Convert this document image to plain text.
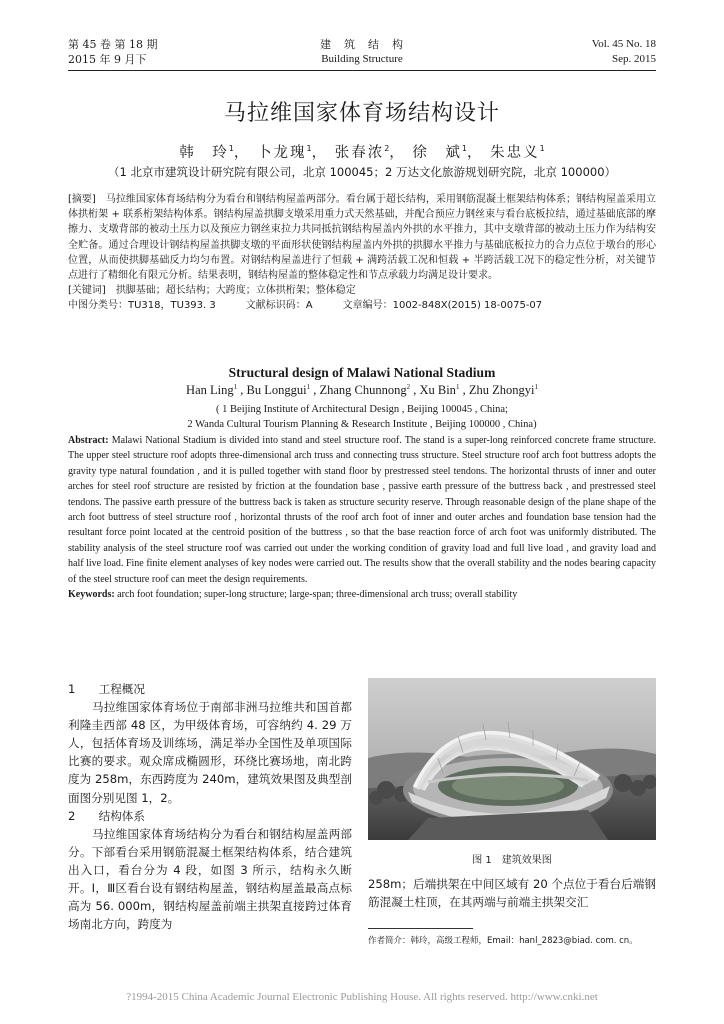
第 45 卷 第 18 期
2015 年 9 月下
建　筑　结　构
Building Structure
Vol. 45 No. 18
Sep. 2015
马拉维国家体育场结构设计
韩　玲$^1$， 卜龙瑰$^1$， 张春浓$^2$， 徐　斌$^1$， 朱忠义$^1$
（1 北京市建筑设计研究院有限公司，北京 100045；2 万达文化旅游规划研究院，北京 100000）

[摘要]　 马拉维国家体育场结构分为看台和钢结构屋盖两部分。看台属于超长结构，采用钢筋混凝土框架结构体系；钢结构屋盖采用立体拱桁架 + 联系桁架结构体系。钢结构屋盖拱脚支墩采用重力式天然基础，并配合预应力钢丝束与看台底板拉结，通过基础底部的摩擦力、支墩背部的被动土压力以及预应力钢丝束拉力共同抵抗钢结构屋盖内外拱的水平推力，其中支墩背部的被动土压力作为结构安全贮备。通过合理设计钢结构屋盖拱脚支墩的平面形状使钢结构屋盖内外拱的拱脚水平推力与基础底板拉力的合力点位于墩台的形心位置，从而使拱脚基础反力均匀布置。对钢结构屋盖进行了恒载 + 满跨活载工况和恒载 + 半跨活载工况下的稳定性分析，对关键节点进行了精细化有限元分析。结果表明，钢结构屋盖的整体稳定性和节点承载力均满足设计要求。

[关键词]　 拱脚基础；超长结构；大跨度；立体拱桁架；整体稳定

中图分类号：TU318，TU393. 3　　　	文献标识码：A　　　	文章编号：1002-848X(2015) 18-0075-07

Structural design of Malawi National Stadium
Han Ling$^1$ , Bu Longgui$^1$ , Zhang Chunnong$^2$ , Xu Bin$^1$ , Zhu Zhongyi$^1$
( 1 Beijing Institute of Architectural Design , Beijing 100045 , China;
2 Wanda Cultural Tourism Planning & Research Institute , Beijing 100000 , China)

Abstract: Malawi National Stadium is divided into stand and steel structure roof. The stand is a super-long reinforced concrete frame structure. The upper steel structure roof adopts three-dimensional arch truss and connecting truss structure. Steel structure roof arch foot buttress adopts the gravity type natural foundation , and it is pulled together with stand floor by prestressed steel tendons. The horizontal thrusts of inner and outer arches for steel roof structure are resisted by friction at the foundation base , passive earth pressure of the buttress back , and prestressed steel tendons. The passive earth pressure of the buttress back is taken as structure security reserve. Through reasonable design of the plane shape of the arch foot buttress of steel structure roof , horizontal thrusts of the roof arch foot of inner and outer arches and foundation base tension had the resultant force point located at the centroid position of the buttress , so that the base reaction force of arch foot was uniformly distributed. The stability analysis of the steel structure roof was carried out under the working condition of gravity load and full live load , and gravity load and half live load. Fine finite element analyses of key nodes were carried out. The results show that the overall stability and the nodes bearing capacity of the steel structure roof can meet the design requirements.

Keywords: arch foot foundation; super-long structure; large-span; three-dimensional arch truss; overall stability

1　　 工程概况

马拉维国家体育场位于南部非洲马拉维共和国首都利隆圭西部 48 区，为甲级体育场，可容纳约 4. 29 万人，包括体育场及训练场，满足举办全国性及单项国际比赛的要求。观众席成椭圆形，环绕比赛场地，南北跨度为 258m，东西跨度为 240m，建筑效果图及典型剖面图分别见图 1，2。

2　　 结构体系

马拉维国家体育场结构分为看台和钢结构屋盖两部分。下部看台采用钢筋混凝土框架结构体系，结合建筑出入口，看台分为 4 段，如图 3 所示，结构永久断开。Ⅰ，Ⅲ区看台设有钢结构屋盖，钢结构屋盖最高点标高为 56. 000m，钢结构屋盖前端主拱架直接跨过体育场南北方向，跨度为

图 1　建筑效果图

258m；后端拱架在中间区域有 20 个点位于看台后端钢筋混凝土柱顶，在其两端与前端主拱架交汇

作者简介：韩玲，高级工程师，Email：hanl_2823@biad. com. cn。
?1994-2015 China Academic Journal Electronic Publishing House. All rights reserved. http://www.cnki.net
